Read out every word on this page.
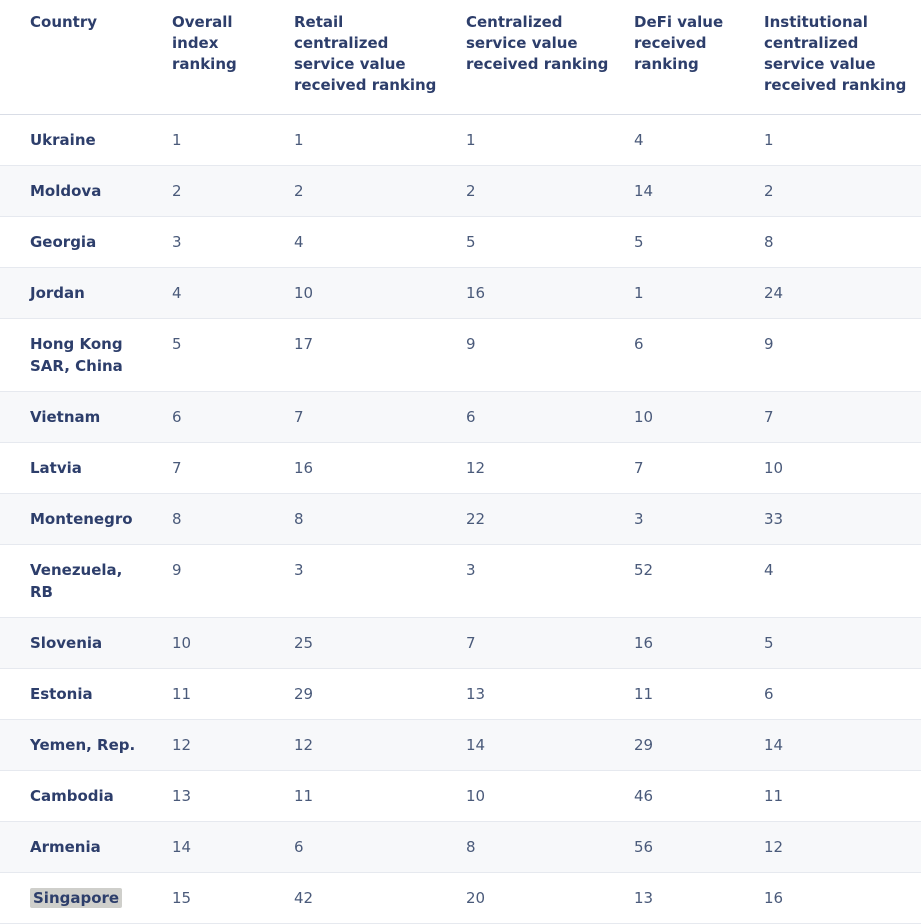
Country	Overall index ranking	Retail centralized service value received ranking	Centralized service value received ranking	DeFi value received ranking	Institutional centralized service value received ranking
Ukraine	1	1	1	4	1
Moldova	2	2	2	14	2
Georgia	3	4	5	5	8
Jordan	4	10	16	1	24
Hong Kong SAR, China	5	17	9	6	9
Vietnam	6	7	6	10	7
Latvia	7	16	12	7	10
Montenegro	8	8	22	3	33
Venezuela, RB	9	3	3	52	4
Slovenia	10	25	7	16	5
Estonia	11	29	13	11	6
Yemen, Rep.	12	12	14	29	14
Cambodia	13	11	10	46	11
Armenia	14	6	8	56	12
Singapore	15	42	20	13	16
